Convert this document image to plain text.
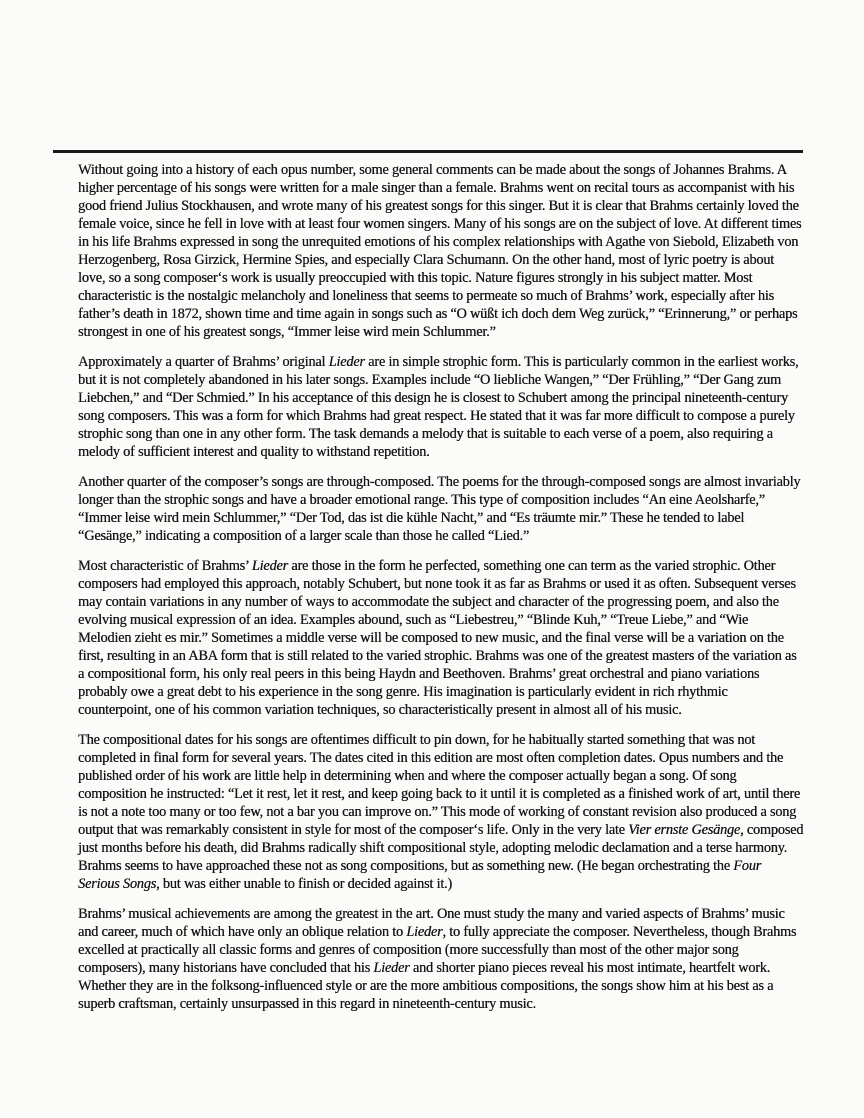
Without going into a history of each opus number, some general comments can be made about the songs of Johannes Brahms. A higher percentage of his songs were written for a male singer than a female. Brahms went on recital tours as accompanist with his good friend Julius Stockhausen, and wrote many of his greatest songs for this singer. But it is clear that Brahms certainly loved the female voice, since he fell in love with at least four women singers. Many of his songs are on the subject of love. At different times in his life Brahms expressed in song the unrequited emotions of his complex relationships with Agathe von Siebold, Elizabeth von Herzogenberg, Rosa Girzick, Hermine Spies, and especially Clara Schumann. On the other hand, most of lyric poetry is about love, so a song composer‘s work is usually preoccupied with this topic. Nature figures strongly in his subject matter. Most characteristic is the nostalgic melancholy and loneliness that seems to permeate so much of Brahms’ work, especially after his father’s death in 1872, shown time and time again in songs such as “O wüßt ich doch dem Weg zurück,” “Erinnerung,” or perhaps strongest in one of his greatest songs, “Immer leise wird mein Schlummer.”

Approximately a quarter of Brahms’ original Lieder are in simple strophic form. This is particularly common in the earliest works, but it is not completely abandoned in his later songs. Examples include “O liebliche Wangen,” “Der Frühling,” “Der Gang zum Liebchen,” and “Der Schmied.” In his acceptance of this design he is closest to Schubert among the principal nineteenth-century song composers. This was a form for which Brahms had great respect. He stated that it was far more difficult to compose a purely strophic song than one in any other form. The task demands a melody that is suitable to each verse of a poem, also requiring a melody of sufficient interest and quality to withstand repetition.

Another quarter of the composer’s songs are through-composed. The poems for the through-composed songs are almost invariably longer than the strophic songs and have a broader emotional range. This type of composition includes “An eine Aeolsharfe,” “Immer leise wird mein Schlummer,” “Der Tod, das ist die kühle Nacht,” and “Es träumte mir.” These he tended to label “Gesänge,” indicating a composition of a larger scale than those he called “Lied.”

Most characteristic of Brahms’ Lieder are those in the form he perfected, something one can term as the varied strophic. Other composers had employed this approach, notably Schubert, but none took it as far as Brahms or used it as often. Subsequent verses may contain variations in any number of ways to accommodate the subject and character of the progressing poem, and also the evolving musical expression of an idea. Examples abound, such as “Liebestreu,” “Blinde Kuh,” “Treue Liebe,” and “Wie Melodien zieht es mir.” Sometimes a middle verse will be composed to new music, and the final verse will be a variation on the first, resulting in an ABA form that is still related to the varied strophic. Brahms was one of the greatest masters of the variation as a compositional form, his only real peers in this being Haydn and Beethoven. Brahms’ great orchestral and piano variations probably owe a great debt to his experience in the song genre. His imagination is particularly evident in rich rhythmic counterpoint, one of his common variation techniques, so characteristically present in almost all of his music.

The compositional dates for his songs are oftentimes difficult to pin down, for he habitually started something that was not completed in final form for several years. The dates cited in this edition are most often completion dates. Opus numbers and the published order of his work are little help in determining when and where the composer actually began a song. Of song composition he instructed: “Let it rest, let it rest, and keep going back to it until it is completed as a finished work of art, until there is not a note too many or too few, not a bar you can improve on.” This mode of working of constant revision also produced a song output that was remarkably consistent in style for most of the composer‘s life. Only in the very late Vier ernste Gesänge, composed just months before his death, did Brahms radically shift compositional style, adopting melodic declamation and a terse harmony. Brahms seems to have approached these not as song compositions, but as something new. (He began orchestrating the Four Serious Songs, but was either unable to finish or decided against it.)

Brahms’ musical achievements are among the greatest in the art. One must study the many and varied aspects of Brahms’ music and career, much of which have only an oblique relation to Lieder, to fully appreciate the composer. Nevertheless, though Brahms excelled at practically all classic forms and genres of composition (more successfully than most of the other major song composers), many historians have concluded that his Lieder and shorter piano pieces reveal his most intimate, heartfelt work. Whether they are in the folksong-influenced style or are the more ambitious compositions, the songs show him at his best as a superb craftsman, certainly unsurpassed in this regard in nineteenth-century music.
